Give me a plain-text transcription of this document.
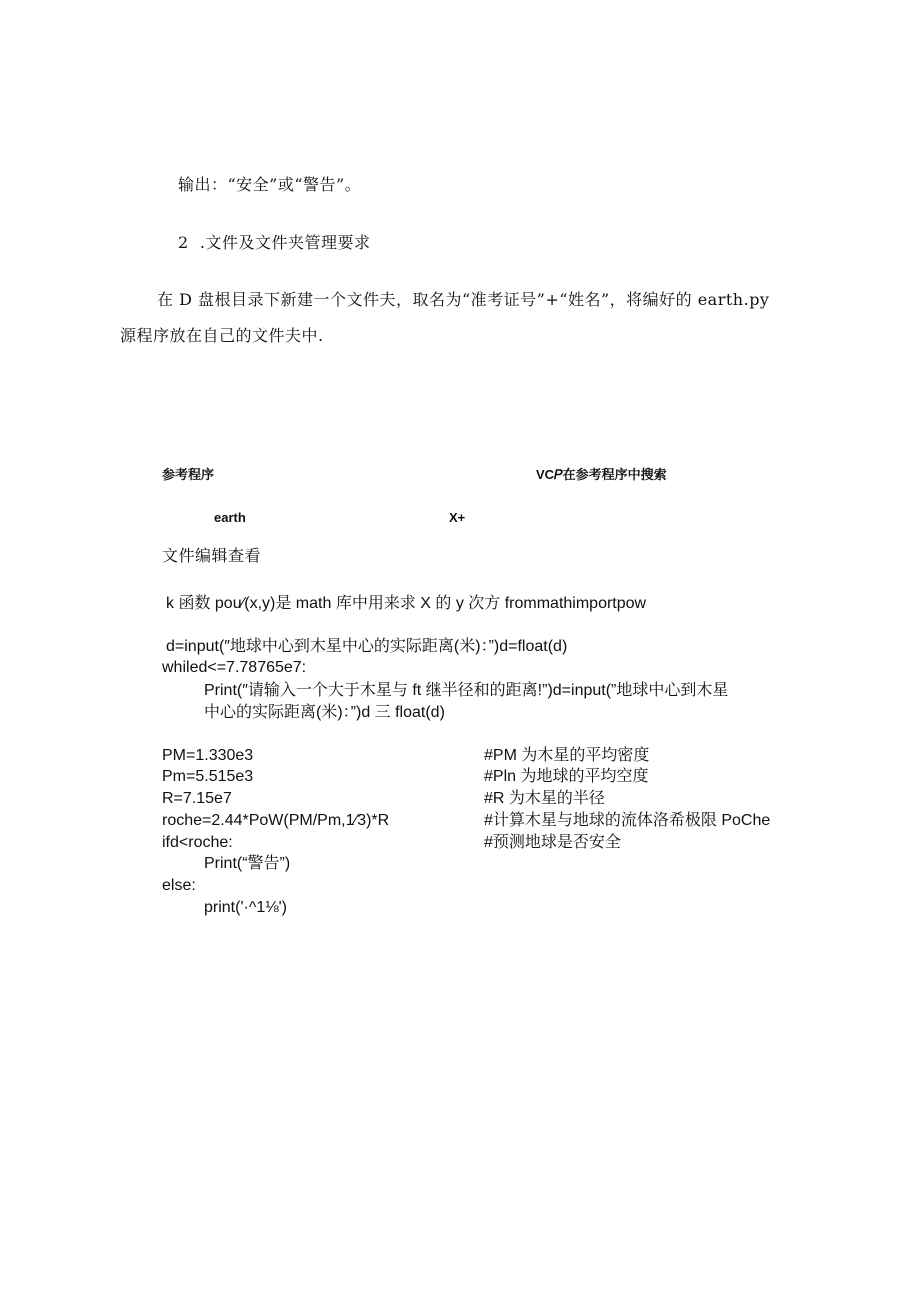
输出：“安全”或“警告”。
2  .文件及文件夹管理要求
在 D 盘根目录下新建一个文件夫，取名为“准考证号”+“姓名”，将编好的 earth.py
源程序放在自己的文件夫中.
参考程序	VC𝑃在参考程序中搜索
earth	X+
文件编辑查看
k 函数 pou∕(x,y)是 math 库中用来求 X 的 y 次方 frommathimportpow
d=input(″地球中心到木星中心的实际距离(米)：”)d=float(d)
whiled<=7.78765e7:
Print(″请输入一个大于木星与 ft 继半径和的距离!”)d=input(”地球中心到木星
中心的实际距离(米)：”)d 三 float(d)
PM=1.330e3	#PM 为木星的平均密度
Pm=5.515e3	#Pln 为地球的平均空度
R=7.15e7	#R 为木星的半径
roche=2.44*PoW(PM/Pm,1⁄3)*R	#计算木星与地球的流体洛希极限 PoChe
ifd<roche:	#预测地球是否安全
Print(“警告”)
else:
print('·^1⅛')
